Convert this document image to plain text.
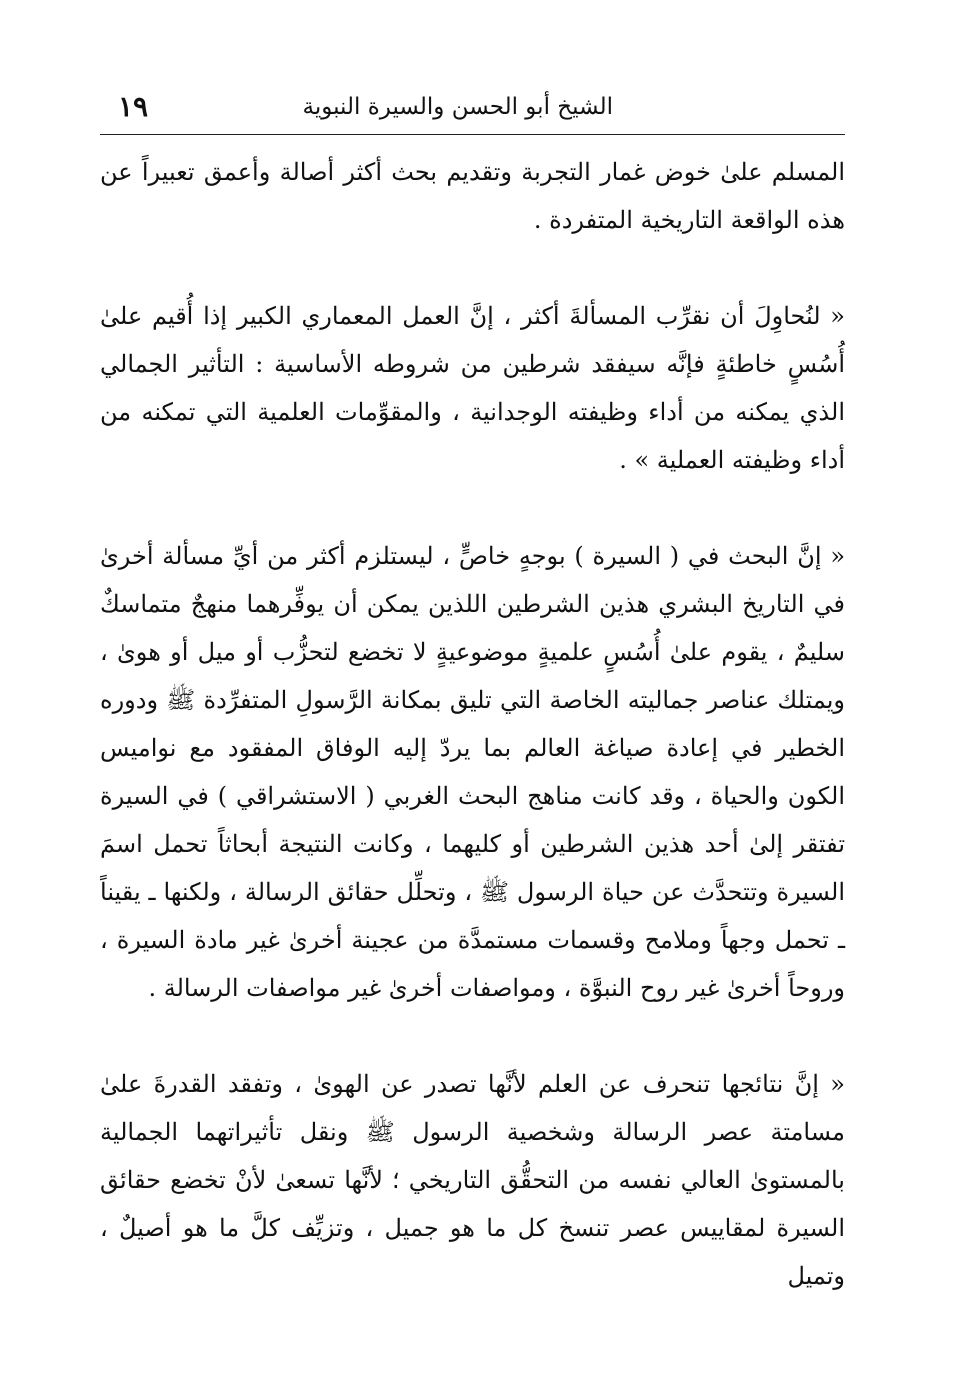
الشيخ أبو الحسن والسيرة النبوية
١٩

المسلم علىٰ خوض غمار التجربة وتقديم بحث أكثر أصالة وأعمق تعبيراً عن هذه الواقعة التاريخية المتفردة .

« لنُحاوِلَ أن نقرِّب المسألةَ أكثر ، إنَّ العمل المعماري الكبير إذا أُقيم علىٰ أُسُسٍ خاطئةٍ فإنَّه سيفقد شرطين من شروطه الأساسية : التأثير الجمالي الذي يمكنه من أداء وظيفته الوجدانية ، والمقوِّمات العلمية التي تمكنه من أداء وظيفته العملية » .

« إنَّ البحث في ( السيرة ) بوجهٍ خاصٍّ ، ليستلزم أكثر من أيِّ مسألة أخرىٰ في التاريخ البشري هذين الشرطين اللذين يمكن أن يوفِّرهما منهجٌ متماسكٌ سليمٌ ، يقوم علىٰ أُسُسٍ علميةٍ موضوعيةٍ لا تخضع لتحزُّب أو ميل أو هوىٰ ، ويمتلك عناصر جماليته الخاصة التي تليق بمكانة الرَّسولِ المتفرِّدة ﷺ ودوره الخطير في إعادة صياغة العالم بما يردّ إليه الوفاق المفقود مع نواميس الكون والحياة ، وقد كانت مناهج البحث الغربي ( الاستشراقي ) في السيرة تفتقر إلىٰ أحد هذين الشرطين أو كليهما ، وكانت النتيجة أبحاثاً تحمل اسمَ السيرة وتتحدَّث عن حياة الرسول ﷺ ، وتحلِّل حقائق الرسالة ، ولكنها ـ يقيناً ـ تحمل وجهاً وملامح وقسمات مستمدَّة من عجينة أخرىٰ غير مادة السيرة ، وروحاً أخرىٰ غير روح النبوَّة ، ومواصفات أخرىٰ غير مواصفات الرسالة .

« إنَّ نتائجها تنحرف عن العلم لأنَّها تصدر عن الهوىٰ ، وتفقد القدرةَ علىٰ مسامتة عصر الرسالة وشخصية الرسول ﷺ ونقل تأثيراتهما الجمالية بالمستوىٰ العالي نفسه من التحقُّق التاريخي ؛ لأنَّها تسعىٰ لأنْ تخضع حقائق السيرة لمقاييس عصر تنسخ كل ما هو جميل ، وتزيِّف كلَّ ما هو أصيلٌ ، وتميل
